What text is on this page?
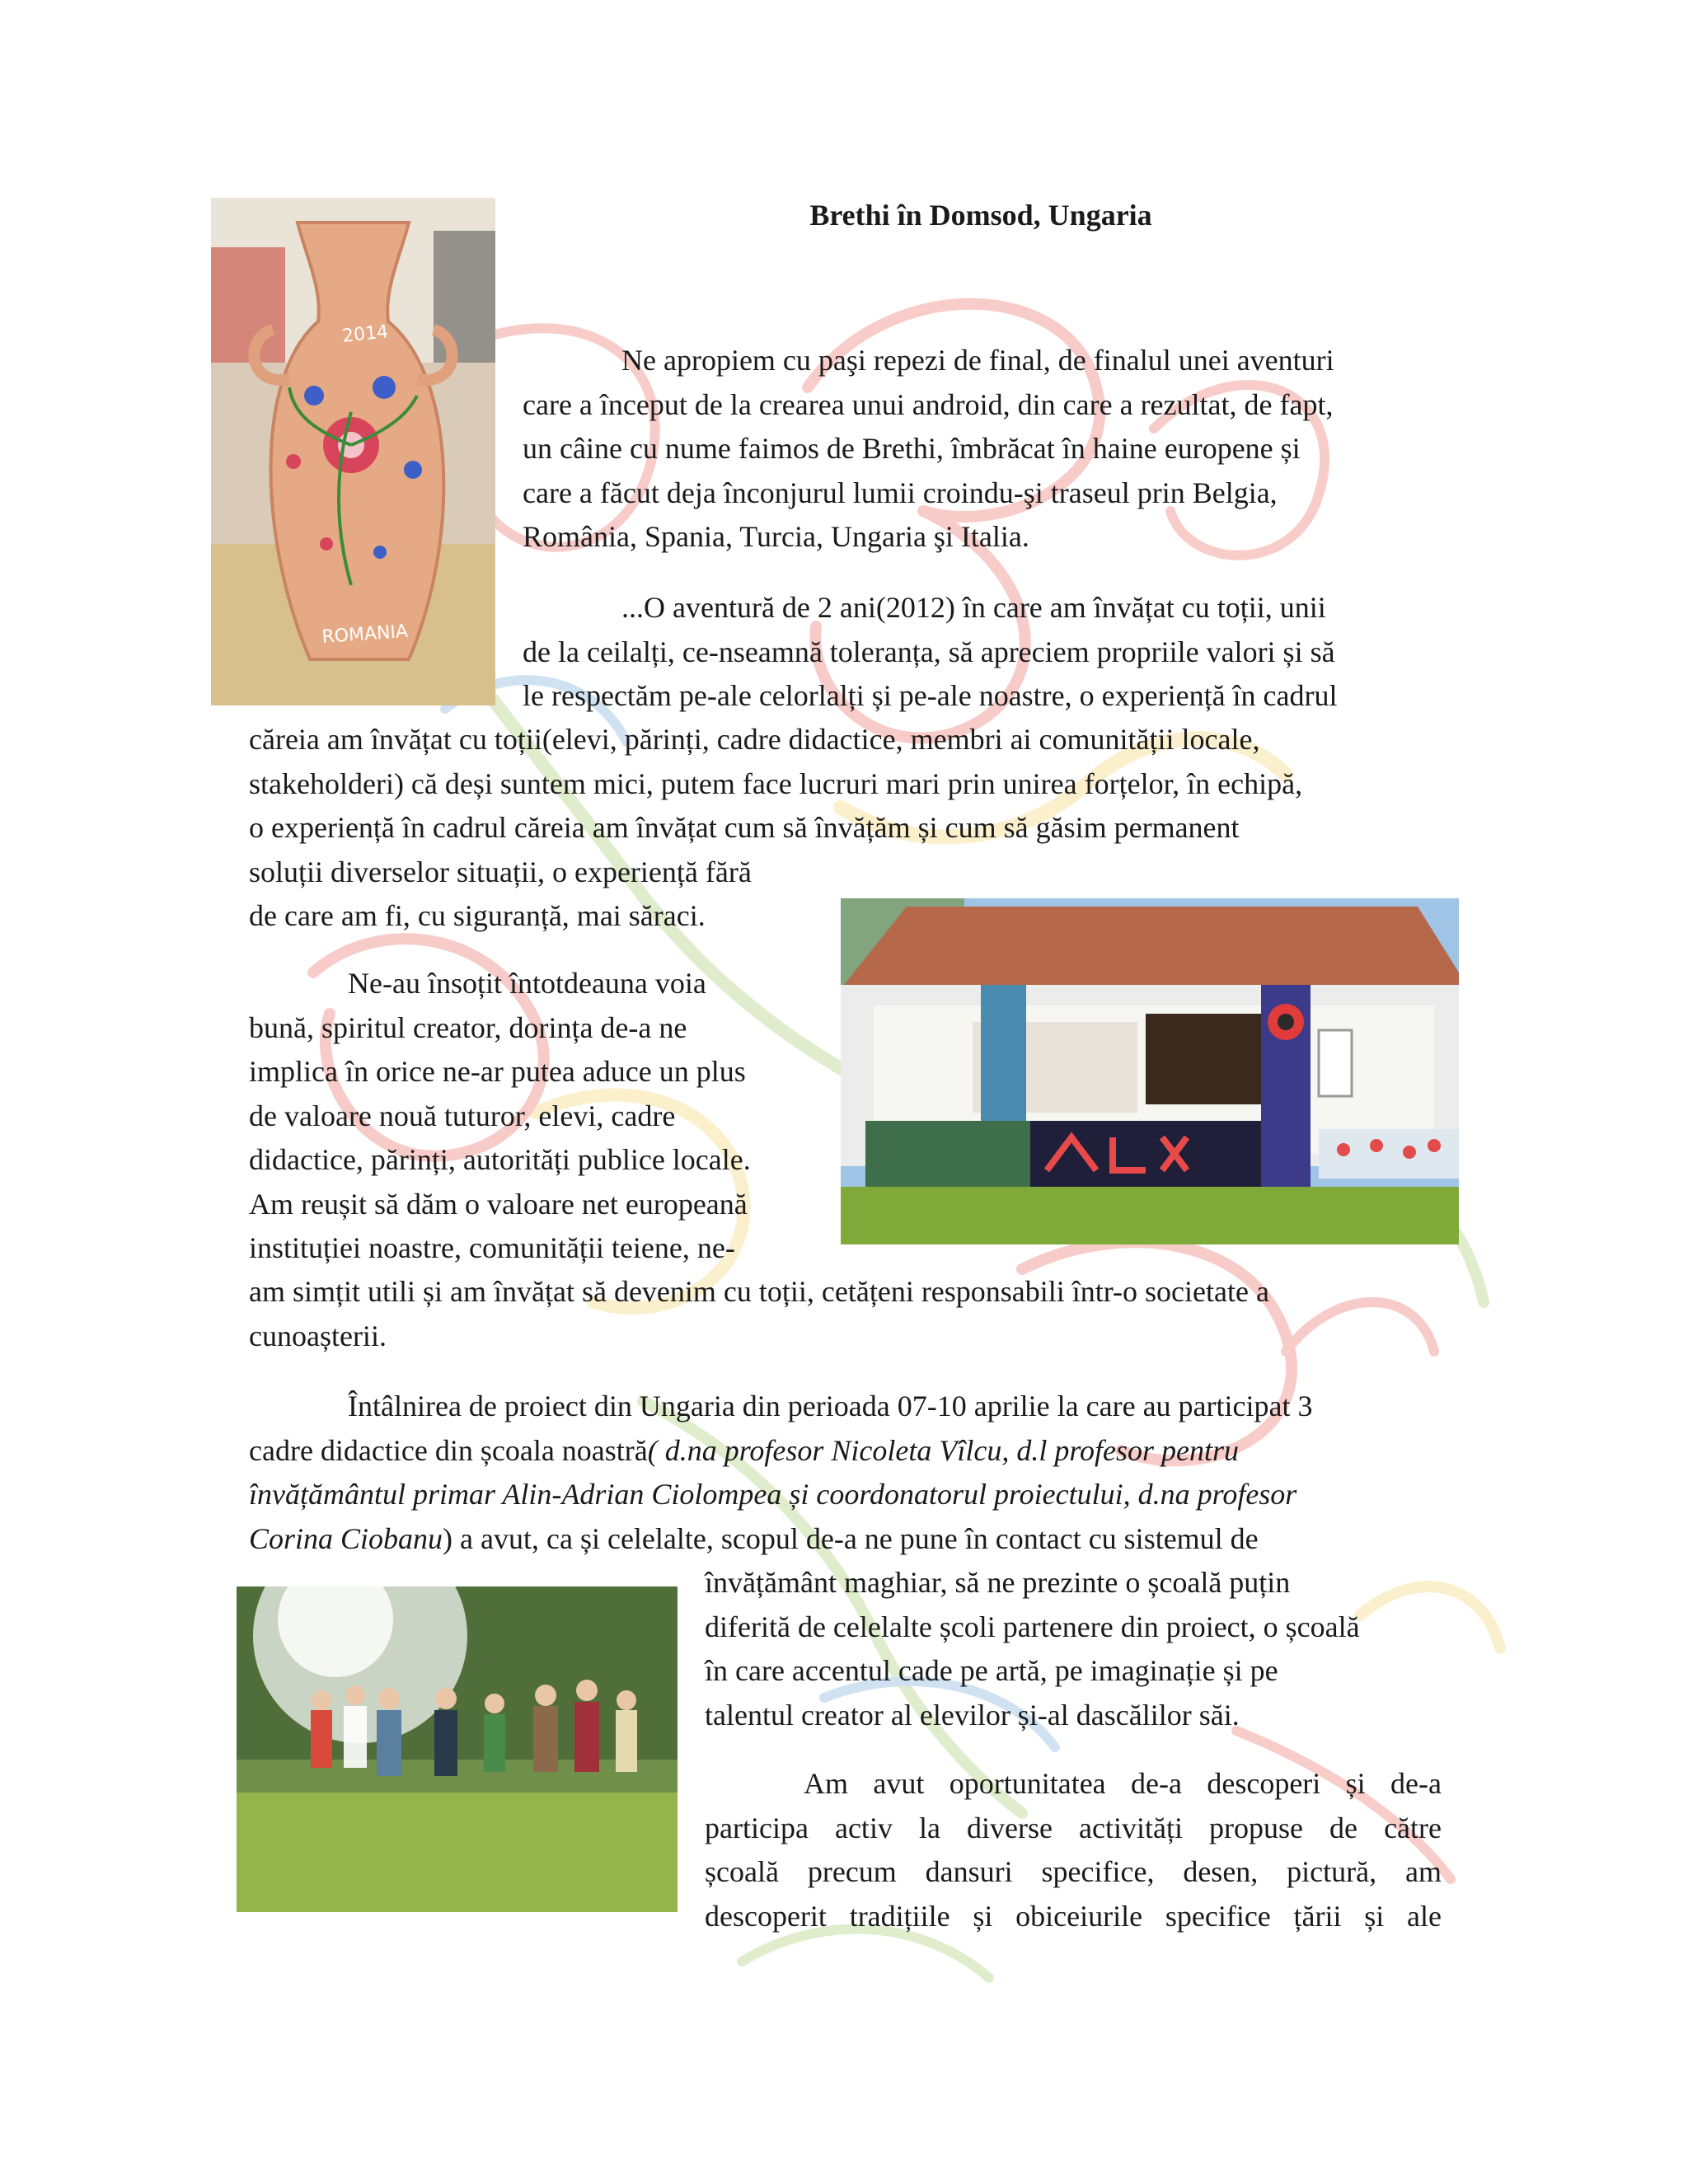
2014
ROMANIA
Brethi în Domsod, Ungaria
Ne apropiem cu paşi repezi de final, de finalul unei aventuri
care a început de la crearea unui android, din care a rezultat, de fapt,
un câine cu nume faimos de Brethi, îmbrăcat în haine europene și
care a făcut deja înconjurul lumii croindu-şi traseul prin Belgia,
România, Spania, Turcia, Ungaria şi Italia.
...O aventură de 2 ani(2012) în care am învățat cu toții, unii
de la ceilalți, ce-nseamnă toleranța, să apreciem propriile valori și să
le respectăm pe-ale celorlalți și pe-ale noastre, o experiență în cadrul
căreia am învățat cu toții(elevi, părinți, cadre didactice, membri ai comunității locale,
stakeholderi) că deși suntem mici, putem face lucruri mari prin unirea forțelor, în echipă,
o experiență în cadrul căreia am învățat cum să învățăm și cum să găsim permanent
soluții diverselor situații, o experiență fără
de care am fi, cu siguranță, mai săraci.
Ne-au însoțit întotdeauna voia
bună, spiritul creator, dorința de-a ne
implica în orice ne-ar putea aduce un plus
de valoare nouă tuturor, elevi, cadre
didactice, părinți, autorități publice locale.
Am reușit să dăm o valoare net europeană
instituției noastre, comunității teiene, ne-
am simțit utili și am învățat să devenim cu toții, cetățeni responsabili într-o societate a
cunoașterii.
Întâlnirea de proiect din Ungaria din perioada 07-10 aprilie la care au participat 3
cadre didactice din școala noastră( d.na profesor Nicoleta Vîlcu, d.l profesor pentru
învățământul primar Alin-Adrian Ciolompea și coordonatorul proiectului, d.na profesor
Corina Ciobanu) a avut, ca și celelalte, scopul de-a ne pune în contact cu sistemul de
învățământ maghiar, să ne prezinte o școală puțin
diferită de celelalte școli partenere din proiect, o școală
în care accentul cade pe artă, pe imaginație și pe
talentul creator al elevilor și-al dascălilor săi.
Am avut oportunitatea de-a descoperi și de-a
participa activ la diverse activități propuse de către
școală precum dansuri specifice, desen, pictură, am
descoperit tradițiile și obiceiurile specifice țării și ale
